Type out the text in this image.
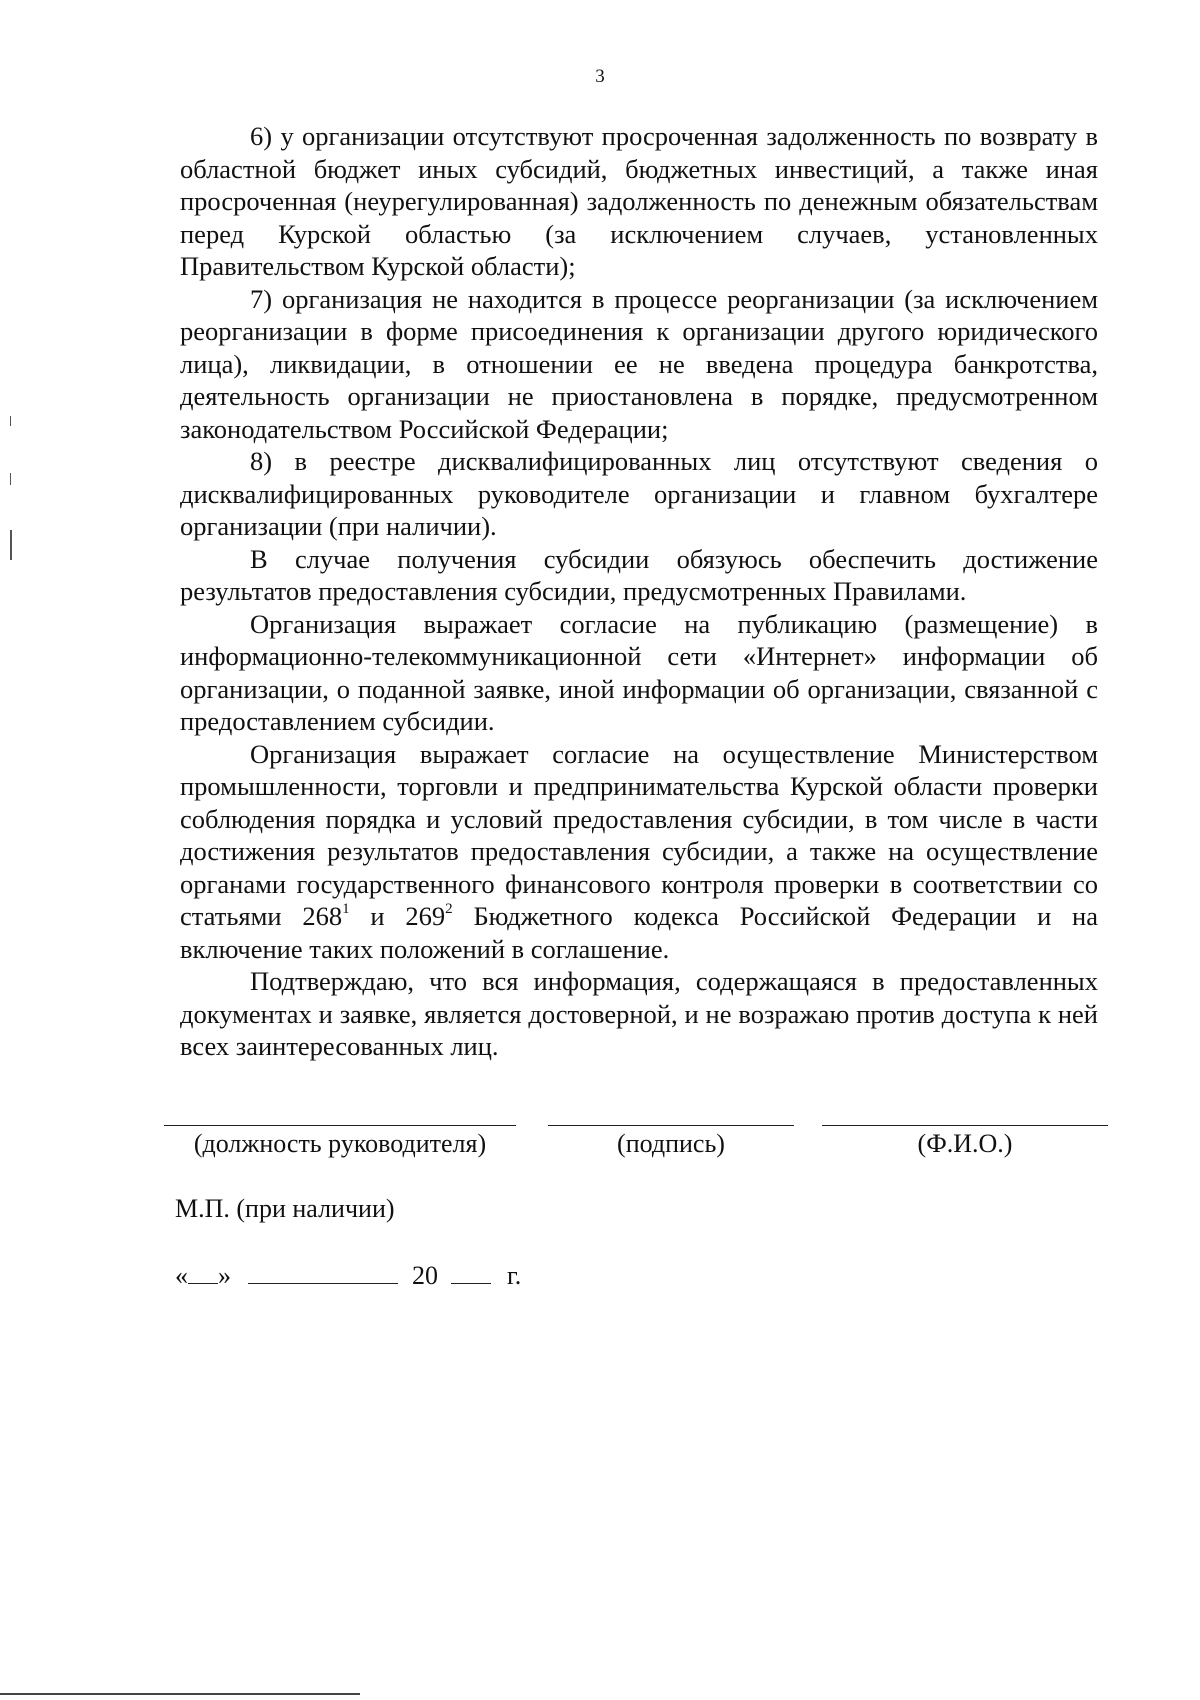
3

6) у организации отсутствуют просроченная задолженность по возврату в областной бюджет иных субсидий, бюджетных инвестиций, а также иная просроченная (неурегулированная) задолженность по денежным обязательствам перед Курской областью (за исключением случаев, установленных Правительством Курской области);

7) организация не находится в процессе реорганизации (за исключением реорганизации в форме присоединения к организации другого юридического лица), ликвидации, в отношении ее не введена процедура банкротства, деятельность организации не приостановлена в порядке, предусмотренном законодательством Российской Федерации;

8) в реестре дисквалифицированных лиц отсутствуют сведения о дисквалифицированных руководителе организации и главном бухгалтере организации (при наличии).

В случае получения субсидии обязуюсь обеспечить достижение результатов предоставления субсидии, предусмотренных Правилами.

Организация выражает согласие на публикацию (размещение) в информационно-телекоммуникационной сети «Интернет» информации об организации, о поданной заявке, иной информации об организации, связанной с предоставлением субсидии.

Организация выражает согласие на осуществление Министерством промышленности, торговли и предпринимательства Курской области проверки соблюдения порядка и условий предоставления субсидии, в том числе в части достижения результатов предоставления субсидии, а также на осуществление органами государственного финансового контроля проверки в соответствии со статьями $268^1$ и $269^2$ Бюджетного кодекса Российской Федерации и на включение таких положений в соглашение.

Подтверждаю, что вся информация, содержащаяся в предоставленных документах и заявке, является достоверной, и не возражаю против доступа к ней всех заинтересованных лиц.

(должность руководителя)	(подпись)	(Ф.И.О.)
М.П. (при наличии)
« »	20	г.
